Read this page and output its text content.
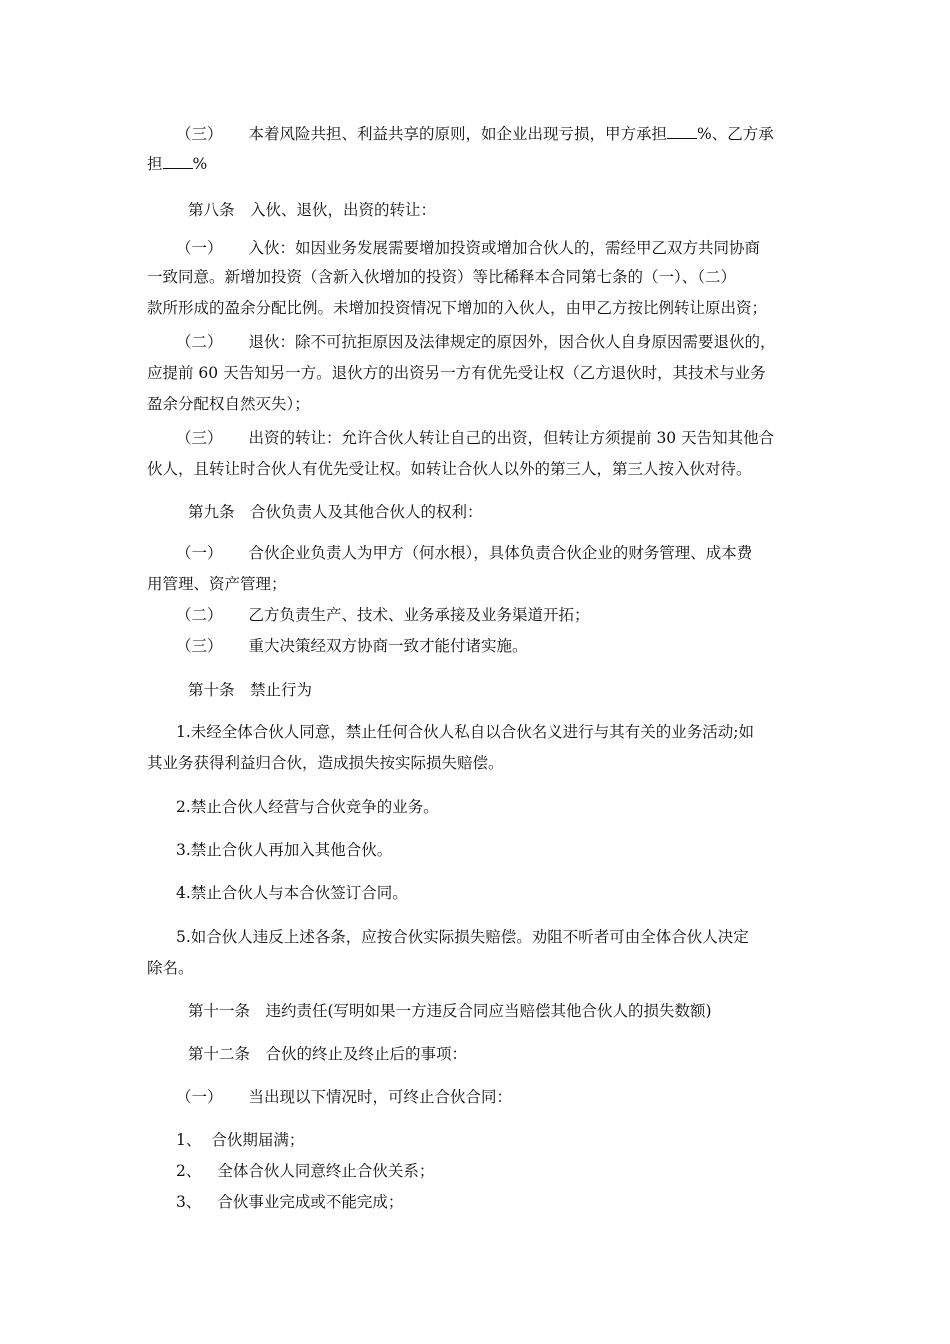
（三） 本着风险共担、利益共享的原则，如企业出现亏损，甲方承担 %、乙方承
担 %
第八条　入伙、退伙，出资的转让：
（一） 入伙：如因业务发展需要增加投资或增加合伙人的，需经甲乙双方共同协商
一致同意。新增加投资（含新入伙增加的投资）等比稀释本合同第七条的（一）、（二）
款所形成的盈余分配比例。未增加投资情况下增加的入伙人，由甲乙方按比例转让原出资；
（二） 退伙：除不可抗拒原因及法律规定的原因外，因合伙人自身原因需要退伙的，
应提前 60 天告知另一方。退伙方的出资另一方有优先受让权（乙方退伙时，其技术与业务
盈余分配权自然灭失）；
（三） 出资的转让：允许合伙人转让自己的出资，但转让方须提前 30 天告知其他合
伙人，且转让时合伙人有优先受让权。如转让合伙人以外的第三人，第三人按入伙对待。
第九条　合伙负责人及其他合伙人的权利：
（一） 合伙企业负责人为甲方（何水根），具体负责合伙企业的财务管理、成本费
用管理、资产管理；
（二） 乙方负责生产、技术、业务承接及业务渠道开拓；
（三） 重大决策经双方协商一致才能付诸实施。
第十条　禁止行为
1.未经全体合伙人同意，禁止任何合伙人私自以合伙名义进行与其有关的业务活动;如
其业务获得利益归合伙，造成损失按实际损失赔偿。
2.禁止合伙人经营与合伙竞争的业务。
3.禁止合伙人再加入其他合伙。
4.禁止合伙人与本合伙签订合同。
5.如合伙人违反上述各条，应按合伙实际损失赔偿。劝阻不听者可由全体合伙人决定
除名。
第十一条　违约责任(写明如果一方违反合同应当赔偿其他合伙人的损失数额)
第十二条　合伙的终止及终止后的事项：
（一） 当出现以下情况时，可终止合伙合同：
1、 合伙期届满；
2、 全体合伙人同意终止合伙关系；
3、 合伙事业完成或不能完成；
